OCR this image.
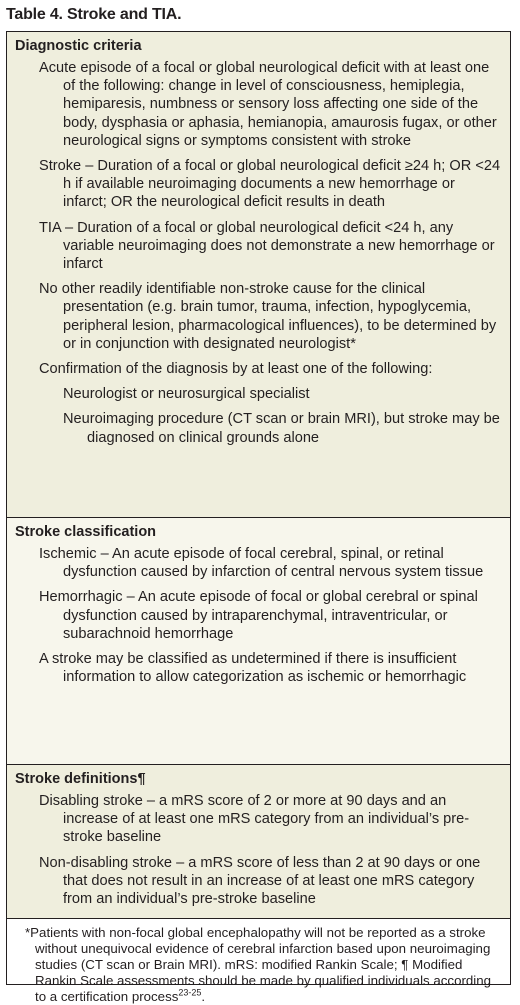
Table 4. Stroke and TIA.
Diagnostic criteria
Acute episode of a focal or global neurological deficit with at least one of the following: change in level of consciousness, hemiplegia, hemiparesis, numbness or sensory loss affecting one side of the body, dysphasia or aphasia, hemianopia, amaurosis fugax, or other neurological signs or symptoms consistent with stroke
Stroke – Duration of a focal or global neurological deficit ≥24 h; OR <24 h if available neuroimaging documents a new hemorrhage or infarct; OR the neurological deficit results in death
TIA – Duration of a focal or global neurological deficit <24 h, any variable neuroimaging does not demonstrate a new hemorrhage or infarct
No other readily identifiable non-stroke cause for the clinical presentation (e.g. brain tumor, trauma, infection, hypoglycemia, peripheral lesion, pharmacological influences), to be determined by or in conjunction with designated neurologist*
Confirmation of the diagnosis by at least one of the following:
Neurologist or neurosurgical specialist
Neuroimaging procedure (CT scan or brain MRI), but stroke may be diagnosed on clinical grounds alone
Stroke classification
Ischemic – An acute episode of focal cerebral, spinal, or retinal dysfunction caused by infarction of central nervous system tissue
Hemorrhagic – An acute episode of focal or global cerebral or spinal dysfunction caused by intraparenchymal, intraventricular, or subarachnoid hemorrhage
A stroke may be classified as undetermined if there is insufficient information to allow categorization as ischemic or hemorrhagic
Stroke definitions¶
Disabling stroke – a mRS score of 2 or more at 90 days and an increase of at least one mRS category from an individual’s pre-stroke baseline
Non-disabling stroke – a mRS score of less than 2 at 90 days or one that does not result in an increase of at least one mRS category from an individual’s pre-stroke baseline
*Patients with non-focal global encephalopathy will not be reported as a stroke without unequivocal evidence of cerebral infarction based upon neuroimaging studies (CT scan or Brain MRI). mRS: modified Rankin Scale; ¶ Modified Rankin Scale assessments should be made by qualified individuals according to a certification process$^{23-25}$.
